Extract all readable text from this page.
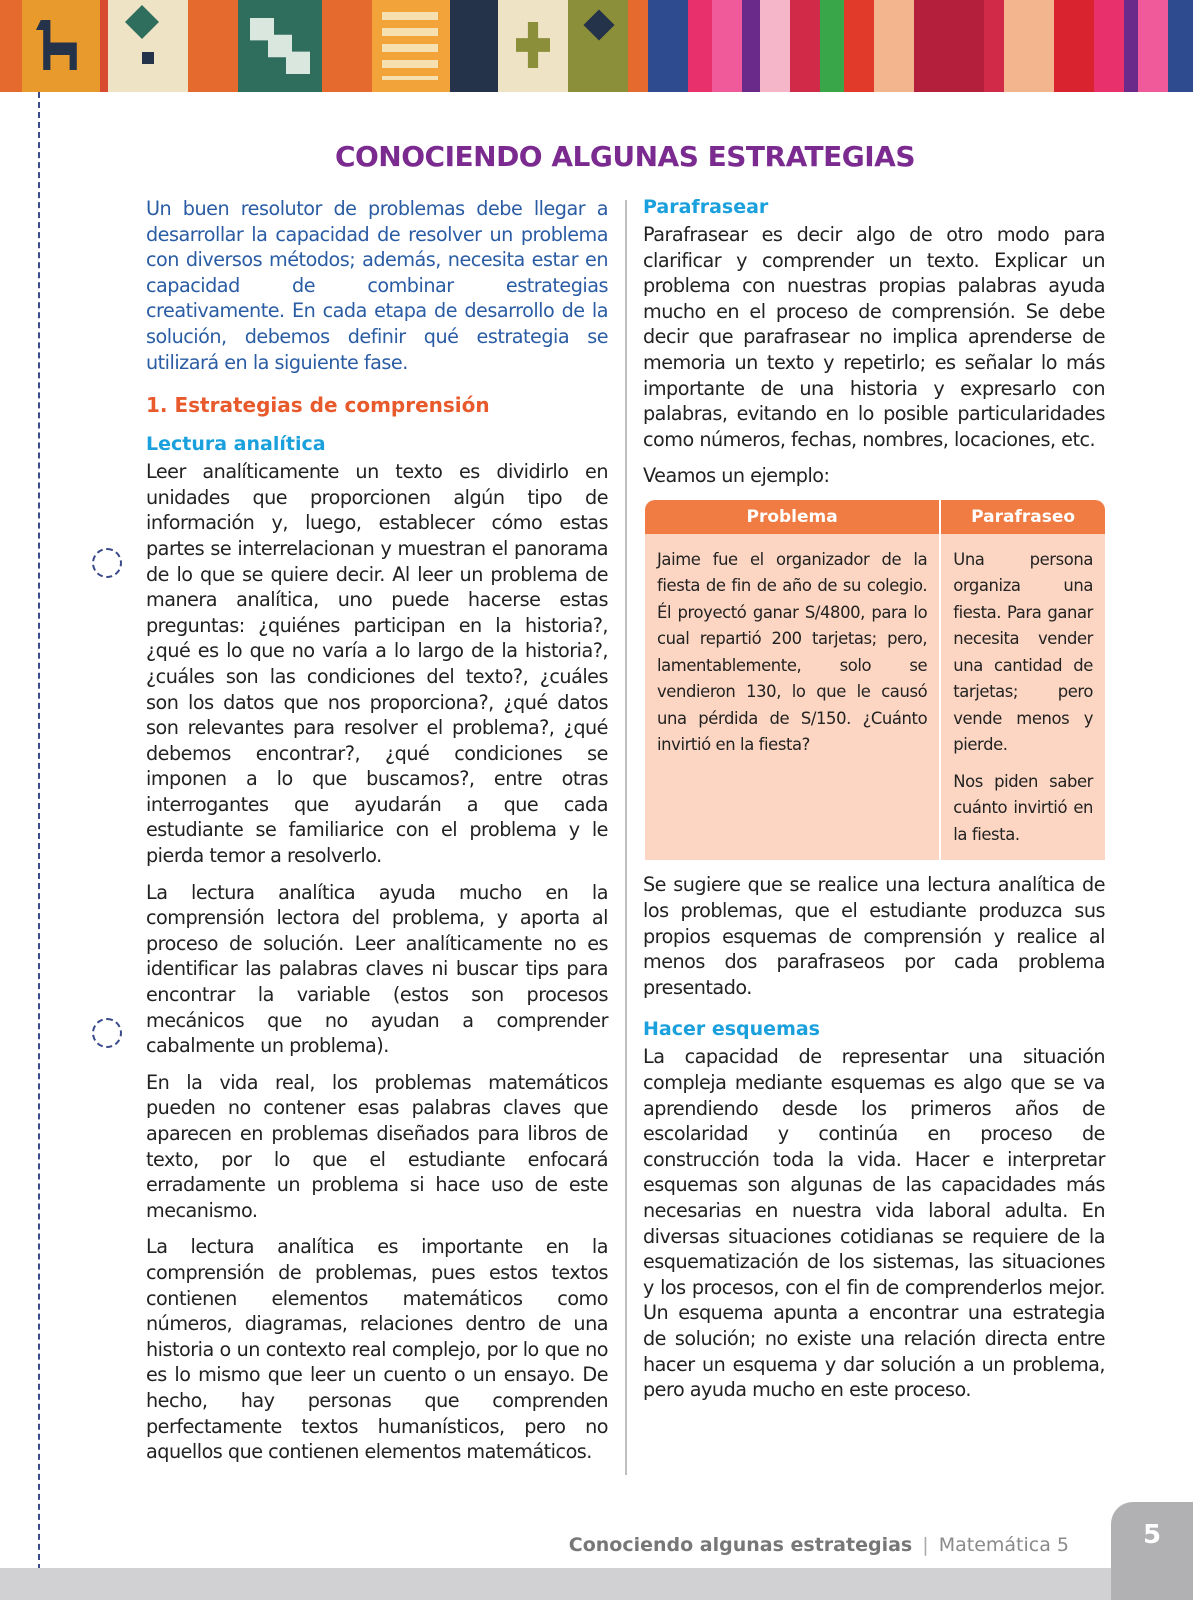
CONOCIENDO ALGUNAS ESTRATEGIAS

Un buen resolutor de problemas debe llegar a desarrollar la capacidad de resolver un problema con diversos métodos; además, necesita estar en capacidad de combinar estrategias creativamente. En cada etapa de desarrollo de la solución, debemos definir qué estrategia se utilizará en la siguiente fase.

1. Estrategias de comprensión
Lectura analítica

Leer analíticamente un texto es dividirlo en unidades que proporcionen algún tipo de información y, luego, establecer cómo estas partes se interrelacionan y muestran el panorama de lo que se quiere decir. Al leer un problema de manera analítica, uno puede hacerse estas preguntas: ¿quiénes participan en la historia?, ¿qué es lo que no varía a lo largo de la historia?, ¿cuáles son las condiciones del texto?, ¿cuáles son los datos que nos proporciona?, ¿qué datos son relevantes para resolver el problema?, ¿qué debemos encontrar?, ¿qué condiciones se imponen a lo que buscamos?, entre otras interrogantes que ayudarán a que cada estudiante se familiarice con el problema y le pierda temor a resolverlo.

La lectura analítica ayuda mucho en la comprensión lectora del problema, y aporta al proceso de solución. Leer analíticamente no es identificar las palabras claves ni buscar tips para encontrar la variable (estos son procesos mecánicos que no ayudan a comprender cabalmente un problema).

En la vida real, los problemas matemáticos pueden no contener esas palabras claves que aparecen en problemas diseñados para libros de texto, por lo que el estudiante enfocará erradamente un problema si hace uso de este mecanismo.

La lectura analítica es importante en la comprensión de problemas, pues estos textos contienen elementos matemáticos como números, diagramas, relaciones dentro de una historia o un contexto real complejo, por lo que no es lo mismo que leer un cuento o un ensayo. De hecho, hay personas que comprenden perfectamente textos humanísticos, pero no aquellos que contienen elementos matemáticos.

Parafrasear

Parafrasear es decir algo de otro modo para clarificar y comprender un texto. Explicar un problema con nuestras propias palabras ayuda mucho en el proceso de comprensión. Se debe decir que parafrasear no implica aprenderse de memoria un texto y repetirlo; es señalar lo más importante de una historia y expresarlo con palabras, evitando en lo posible particularidades como números, fechas, nombres, locaciones, etc.

Veamos un ejemplo:

Problema	Parafraseo

Jaime fue el organizador de la fiesta de fin de año de su colegio. Él proyectó ganar S/4800, para lo cual repartió 200 tarjetas; pero, lamentablemente, solo se vendieron 130, lo que le causó una pérdida de S/150. ¿Cuánto invirtió en la fiesta?	Una persona organiza una fiesta. Para ganar necesita vender una cantidad de tarjetas; pero vende menos y pierde.
Nos piden saber cuánto invirtió en la fiesta.

Se sugiere que se realice una lectura analítica de los problemas, que el estudiante produzca sus propios esquemas de comprensión y realice al menos dos parafraseos por cada problema presentado.

Hacer esquemas

La capacidad de representar una situación compleja mediante esquemas es algo que se va aprendiendo desde los primeros años de escolaridad y continúa en proceso de construcción toda la vida. Hacer e interpretar esquemas son algunas de las capacidades más necesarias en nuestra vida laboral adulta. En diversas situaciones cotidianas se requiere de la esquematización de los sistemas, las situaciones y los procesos, con el fin de comprenderlos mejor. Un esquema apunta a encontrar una estrategia de solución; no existe una relación directa entre hacer un esquema y dar solución a un problema, pero ayuda mucho en este proceso.

Conociendo algunas estrategias | Matemática 5	5
